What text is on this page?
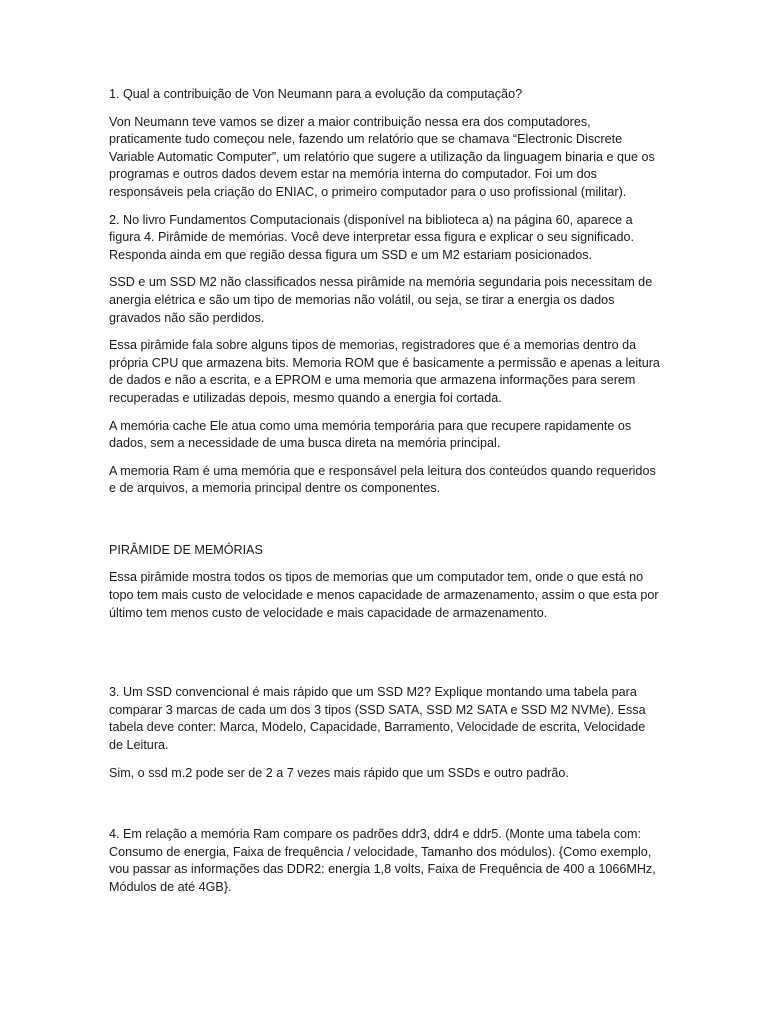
1. Qual a contribuição de Von Neumann para a evolução da computação?

Von Neumann teve vamos se dizer a maior contribuição nessa era dos computadores, praticamente tudo começou nele, fazendo um relatório que se chamava “Electronic Discrete Variable Automatic Computer”, um relatório que sugere a utilização da linguagem binaria e que os programas e outros dados devem estar na memória interna do computador. Foi um dos responsáveis pela criação do ENIAC, o primeiro computador para o uso profissional (militar).

2. No livro Fundamentos Computacionais (disponível na biblioteca a) na página 60, aparece a figura 4. Pirâmide de memórias. Você deve interpretar essa figura e explicar o seu significado. Responda ainda em que região dessa figura um SSD e um M2 estariam posicionados.

SSD e um SSD M2 não classificados nessa pirâmide na memória segundaria pois necessitam de anergia elétrica e são um tipo de memorias não volátil, ou seja, se tirar a energia os dados gravados não são perdidos.

Essa pirâmide fala sobre alguns tipos de memorias, registradores que é a memorias dentro da própria CPU que armazena bits. Memoria ROM que é basicamente a permissão e apenas a leitura de dados e não a escrita, e a EPROM e uma memoria que armazena informações para serem recuperadas e utilizadas depois, mesmo quando a energia foi cortada.

A memória cache Ele atua como uma memória temporária para que recupere rapidamente os dados, sem a necessidade de uma busca direta na memória principal.

A memoria Ram é uma memória que e responsável pela leitura dos conteúdos quando requeridos e de arquivos, a memoria principal dentre os componentes.

PIRÂMIDE DE MEMÓRIAS

Essa pirâmide mostra todos os tipos de memorias que um computador tem, onde o que está no topo tem mais custo de velocidade e menos capacidade de armazenamento, assim o que esta por último tem menos custo de velocidade e mais capacidade de armazenamento.

3. Um SSD convencional é mais rápido que um SSD M2? Explique montando uma tabela para comparar 3 marcas de cada um dos 3 tipos (SSD SATA, SSD M2 SATA e SSD M2 NVMe). Essa tabela deve conter: Marca, Modelo, Capacidade, Barramento, Velocidade de escrita, Velocidade de Leitura.

Sim, o ssd m.2 pode ser de 2 a 7 vezes mais rápido que um SSDs e outro padrão.

4. Em relação a memória Ram compare os padrões ddr3, ddr4 e ddr5. (Monte uma tabela com: Consumo de energia, Faixa de frequência / velocidade, Tamanho dos módulos). {Como exemplo, vou passar as informações das DDR2: energia 1,8 volts, Faixa de Frequência de 400 a 1066MHz, Módulos de até 4GB}.
